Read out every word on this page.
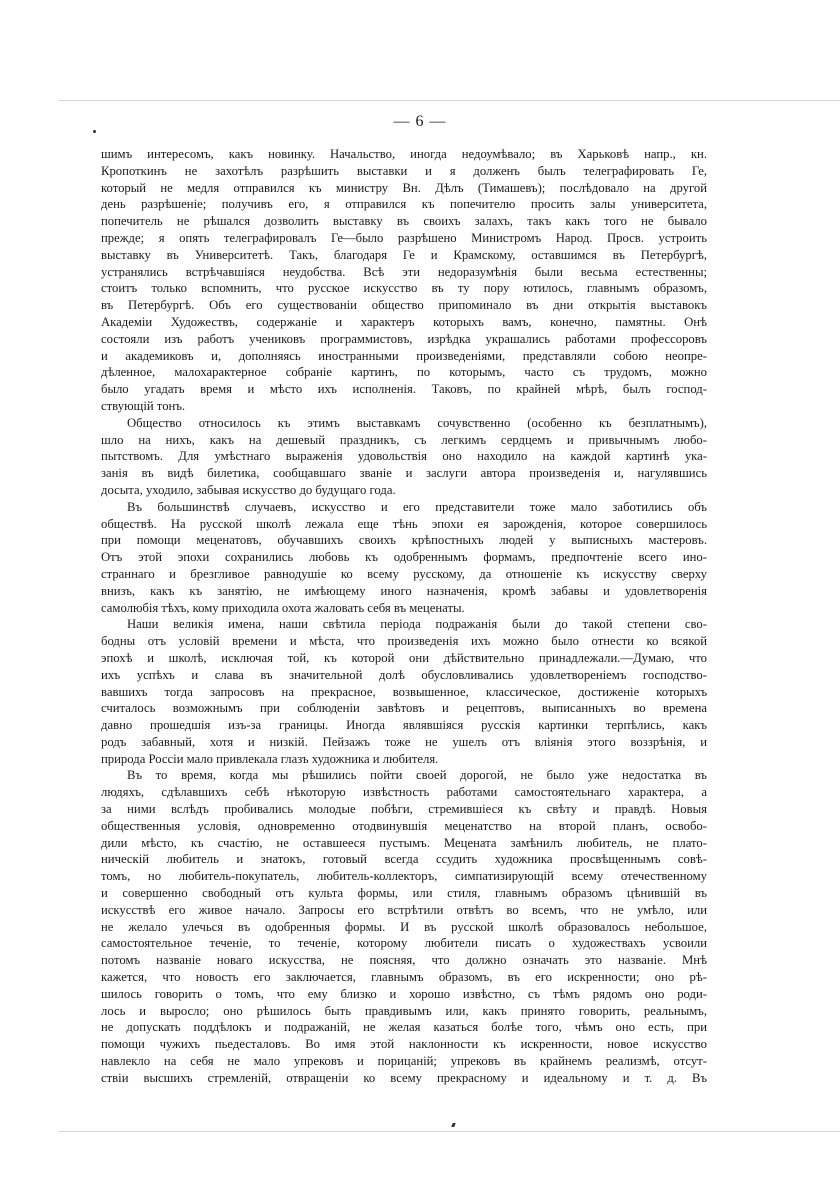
— 6 —

шимъ интересомъ, какъ новинку. Начальство, иногда недоумѣвало; въ Харьковѣ напр., кн.
Кропоткинъ не захотѣлъ разрѣшить выставки и я долженъ былъ телеграфировать Ге,
который не медля отправился къ министру Вн. Дѣлъ (Тимашевъ); послѣдовало на другой
день разрѣшеніе; получивъ его, я отправился къ попечителю просить залы университета,
попечитель не рѣшался дозволить выставку въ своихъ залахъ, такъ какъ того не бывало
прежде; я опять телеграфировалъ Ге—было разрѣшено Министромъ Народ. Просв. устроить
выставку въ Университетѣ. Такъ, благодаря Ге и Крамскому, оставшимся въ Петербургѣ,
устранялись встрѣчавшіяся неудобства. Всѣ эти недоразумѣнія были весьма естественны;
стоитъ только вспомнить, что русское искусство въ ту пору ютилось, главнымъ образомъ,
въ Петербургѣ. Объ его существованіи общество припоминало въ дни открытія выставокъ
Академіи Художествъ, содержаніе и характеръ которыхъ вамъ, конечно, памятны. Онѣ
состояли изъ работъ учениковъ программистовъ, изрѣдка украшались работами профессоровъ
и академиковъ и, дополняясь иностранными произведеніями, представляли собою неопре-
дѣленное, малохарактерное собраніе картинъ, по которымъ, часто съ трудомъ, можно
было угадать время и мѣсто ихъ исполненія. Таковъ, по крайней мѣрѣ, былъ господ-
ствующій тонъ.

Общество относилось къ этимъ выставкамъ сочувственно (особенно къ безплатнымъ),
шло на нихъ, какъ на дешевый праздникъ, съ легкимъ сердцемъ и привычнымъ любо-
пытствомъ. Для умѣстнаго выраженія удовольствія оно находило на каждой картинѣ ука-
занія въ видѣ билетика, сообщавшаго званіе и заслуги автора произведенія и, нагулявшись
досыта, уходило, забывая искусство до будущаго года.

Въ большинствѣ случаевъ, искусство и его представители тоже мало заботились объ
обществѣ. На русской школѣ лежала еще тѣнь эпохи ея зарожденія, которое совершилось
при помощи меценатовъ, обучавшихъ своихъ крѣпостныхъ людей у выписныхъ мастеровъ.
Отъ этой эпохи сохранились любовь къ одобреннымъ формамъ, предпочтеніе всего ино-
страннаго и брезгливое равнодушіе ко всему русскому, да отношеніе къ искусству сверху
внизъ, какъ къ занятію, не имѣющему иного назначенія, кромѣ забавы и удовлетворенія
самолюбія тѣхъ, кому приходила охота жаловать себя въ меценаты.

Наши великія имена, наши свѣтила періода подражанія были до такой степени сво-
бодны отъ условій времени и мѣста, что произведенія ихъ можно было отнести ко всякой
эпохѣ и школѣ, исключая той, къ которой они дѣйствительно принадлежали.—Думаю, что
ихъ успѣхъ и слава въ значительной долѣ обусловливались удовлетвореніемъ господство-
вавшихъ тогда запросовъ на прекрасное, возвышенное, классическое, достиженіе которыхъ
считалось возможнымъ при соблюденіи завѣтовъ и рецептовъ, выписанныхъ во времена
давно прошедшія изъ-за границы. Иногда являвшіяся русскія картинки терпѣлись, какъ
родъ забавный, хотя и низкій. Пейзажъ тоже не ушелъ отъ вліянія этого воззрѣнія, и
природа Россіи мало привлекала глазъ художника и любителя.

Въ то время, когда мы рѣшились пойти своей дорогой, не было уже недостатка въ
людяхъ, сдѣлавшихъ себѣ нѣкоторую извѣстность работами самостоятельнаго характера, а
за ними вслѣдъ пробивались молодые побѣги, стремившіеся къ свѣту и правдѣ. Новыя
общественныя условія, одновременно отодвинувшія меценатство на второй планъ, освобо-
дили мѣсто, къ счастію, не оставшееся пустымъ. Мецената замѣнилъ любитель, не плато-
ническій любитель и знатокъ, готовый всегда ссудить художника просвѣщеннымъ совѣ-
томъ, но любитель-покупатель, любитель-коллекторъ, симпатизирующій всему отечественному
и совершенно свободный отъ культа формы, или стиля, главнымъ образомъ цѣнившій въ
искусствѣ его живое начало. Запросы его встрѣтили отвѣтъ во всемъ, что не умѣло, или
не желало улечься въ одобренныя формы. И въ русской школѣ образовалось небольшое,
самостоятельное теченіе, то теченіе, которому любители писать о художествахъ усвоили
потомъ названіе новаго искусства, не поясняя, что должно означать это названіе. Мнѣ
кажется, что новость его заключается, главнымъ образомъ, въ его искренности; оно рѣ-
шилось говорить о томъ, что ему близко и хорошо извѣстно, съ тѣмъ рядомъ оно роди-
лось и выросло; оно рѣшилось быть правдивымъ или, какъ принято говорить, реальнымъ,
не допускать поддѣлокъ и подражаній, не желая казаться болѣе того, чѣмъ оно есть, при
помощи чужихъ пьедесталовъ. Во имя этой наклонности къ искренности, новое искусство
навлекло на себя не мало упрековъ и порицаній; упрековъ въ крайнемъ реализмѣ, отсут-
ствіи высшихъ стремленій, отвращеніи ко всему прекрасному и идеальному и т. д. Въ
